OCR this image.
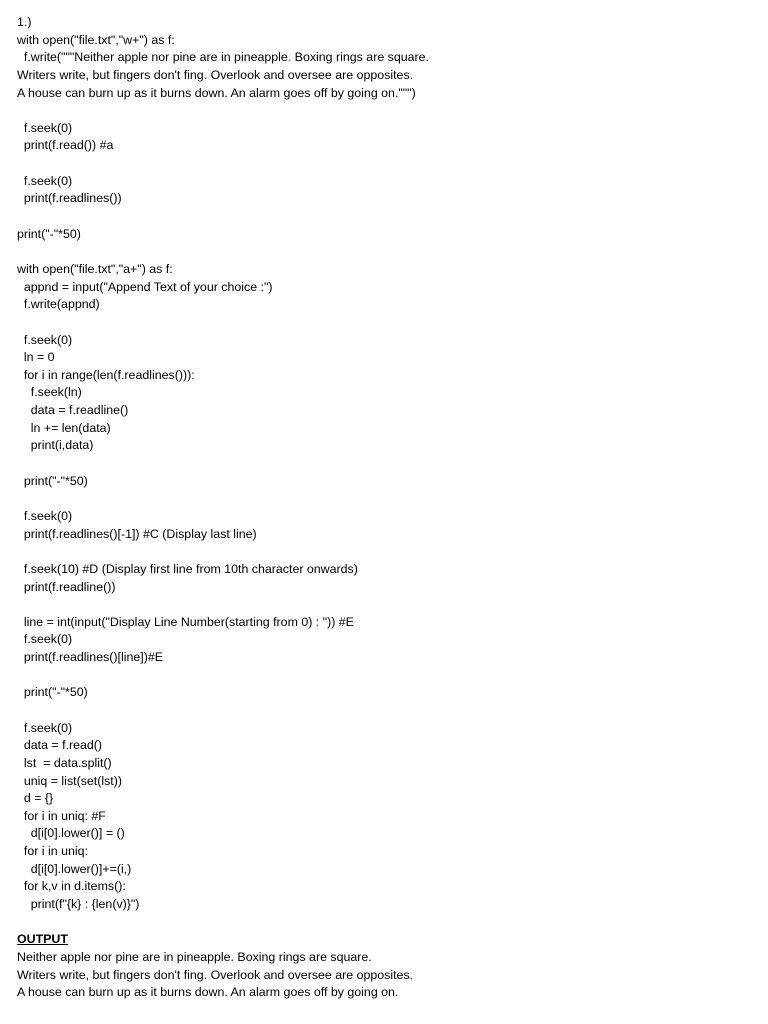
1.)
with open("file.txt","w+") as f:
f.write("""Neither apple nor pine are in pineapple. Boxing rings are square.
Writers write, but fingers don't fing. Overlook and oversee are opposites.
A house can burn up as it burns down. An alarm goes off by going on.""")
f.seek(0)
print(f.read()) #a
f.seek(0)
print(f.readlines())
print("-"*50)
with open("file.txt","a+") as f:
appnd = input("Append Text of your choice :")
f.write(appnd)
f.seek(0)
ln = 0
for i in range(len(f.readlines())):
f.seek(ln)
data = f.readline()
ln += len(data)
print(i,data)
print("-"*50)
f.seek(0)
print(f.readlines()[-1]) #C (Display last line)
f.seek(10) #D (Display first line from 10th character onwards)
print(f.readline())
line = int(input("Display Line Number(starting from 0) : ")) #E
f.seek(0)
print(f.readlines()[line])#E
print("-"*50)
f.seek(0)
data = f.read()
lst  = data.split()
uniq = list(set(lst))
d = {}
for i in uniq: #F
d[i[0].lower()] = ()
for i in uniq:
d[i[0].lower()]+=(i,)
for k,v in d.items():
print(f"{k} : {len(v)}")
OUTPUT
Neither apple nor pine are in pineapple. Boxing rings are square.
Writers write, but fingers don't fing. Overlook and oversee are opposites.
A house can burn up as it burns down. An alarm goes off by going on.
